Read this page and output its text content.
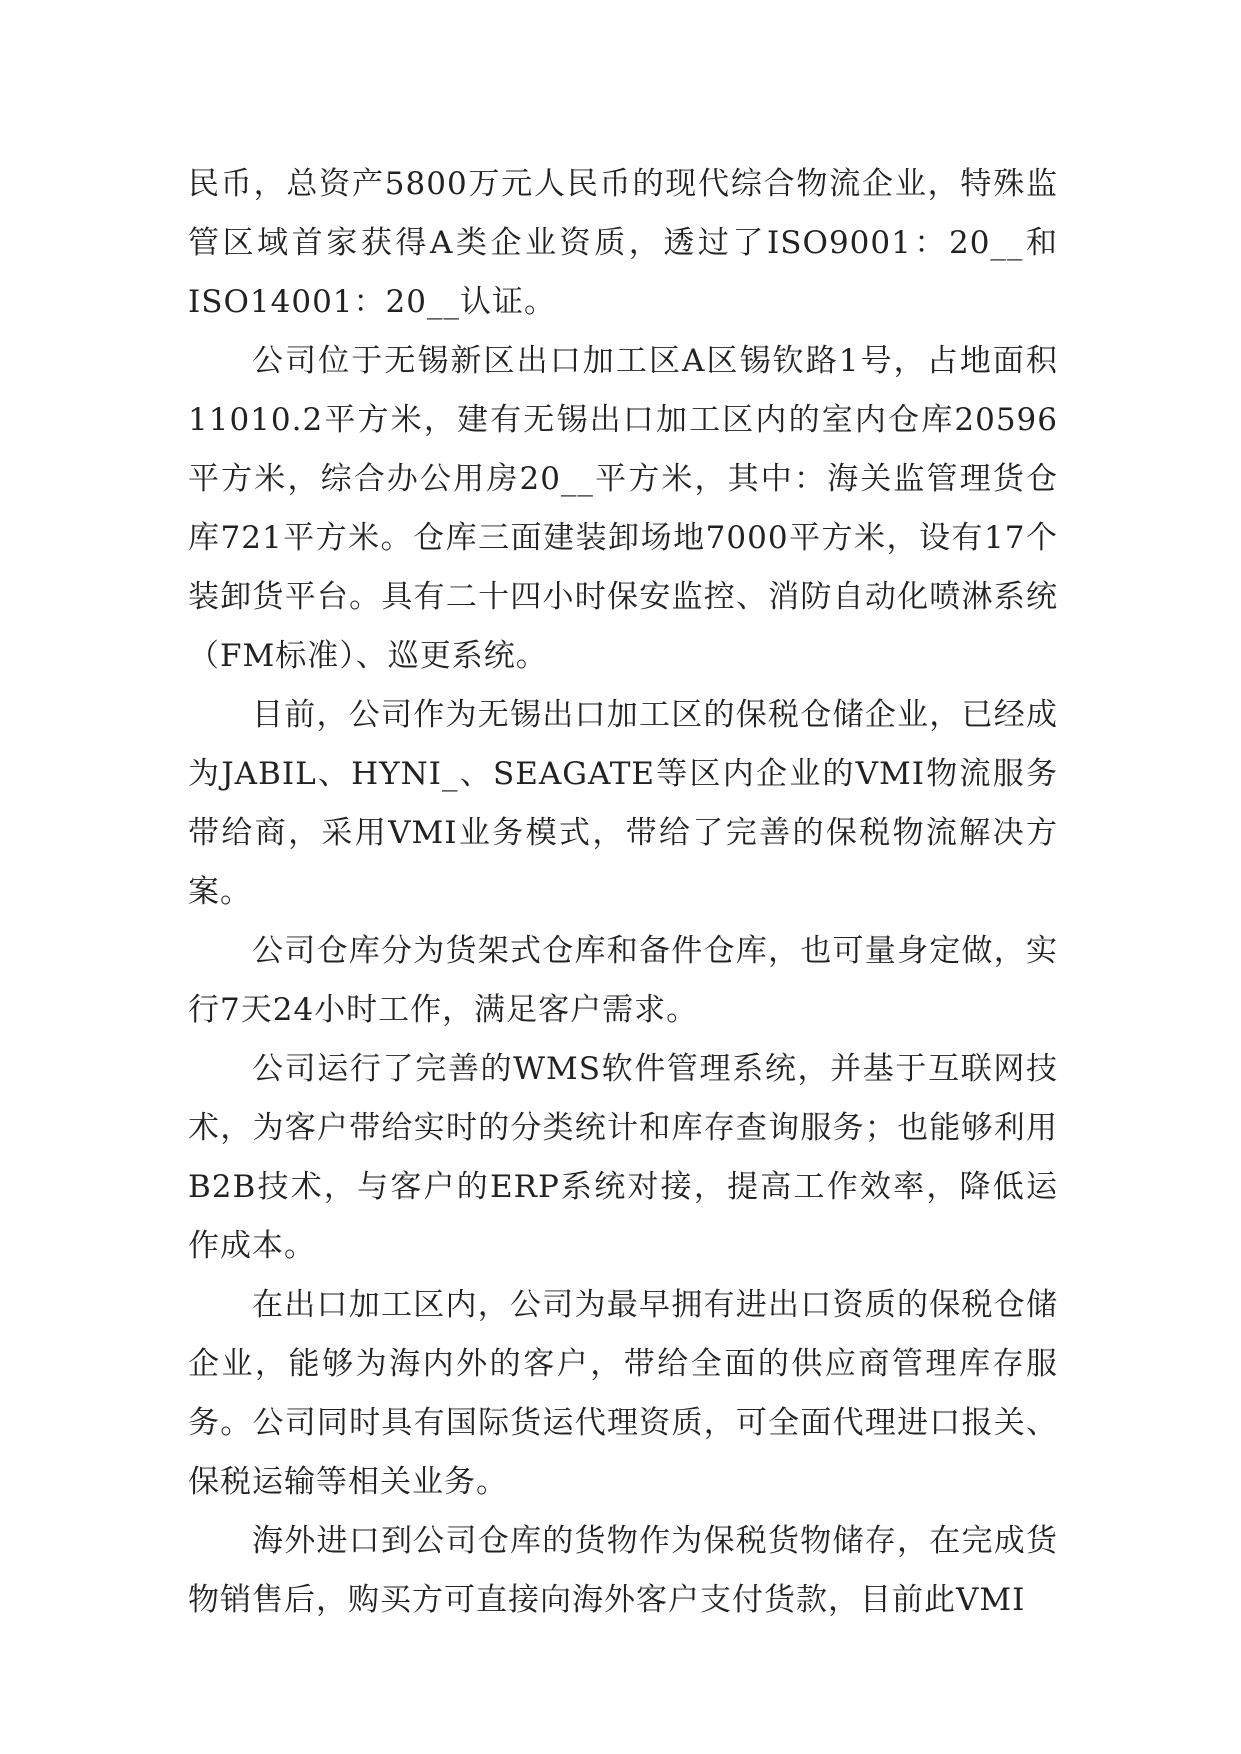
民币，总资产5800万元人民币的现代综合物流企业，特殊监管区域首家获得A类企业资质，透过了ISO9001：20__和ISO14001：20__认证。

公司位于无锡新区出口加工区A区锡钦路1号，占地面积11010.2平方米，建有无锡出口加工区内的室内仓库20596平方米，综合办公用房20__平方米，其中：海关监管理货仓库721平方米。仓库三面建装卸场地7000平方米，设有17个装卸货平台。具有二十四小时保安监控、消防自动化喷淋系统（FM标准）、巡更系统。

目前，公司作为无锡出口加工区的保税仓储企业，已经成为JABIL、HYNI_、SEAGATE等区内企业的VMI物流服务带给商，采用VMI业务模式，带给了完善的保税物流解决方案。

公司仓库分为货架式仓库和备件仓库，也可量身定做，实行7天24小时工作，满足客户需求。

公司运行了完善的WMS软件管理系统，并基于互联网技术，为客户带给实时的分类统计和库存查询服务；也能够利用B2B技术，与客户的ERP系统对接，提高工作效率，降低运作成本。

在出口加工区内，公司为最早拥有进出口资质的保税仓储企业，能够为海内外的客户，带给全面的供应商管理库存服务。公司同时具有国际货运代理资质，可全面代理进口报关、保税运输等相关业务。

海外进口到公司仓库的货物作为保税货物储存，在完成货物销售后，购买方可直接向海外客户支付货款，目前此VMI
